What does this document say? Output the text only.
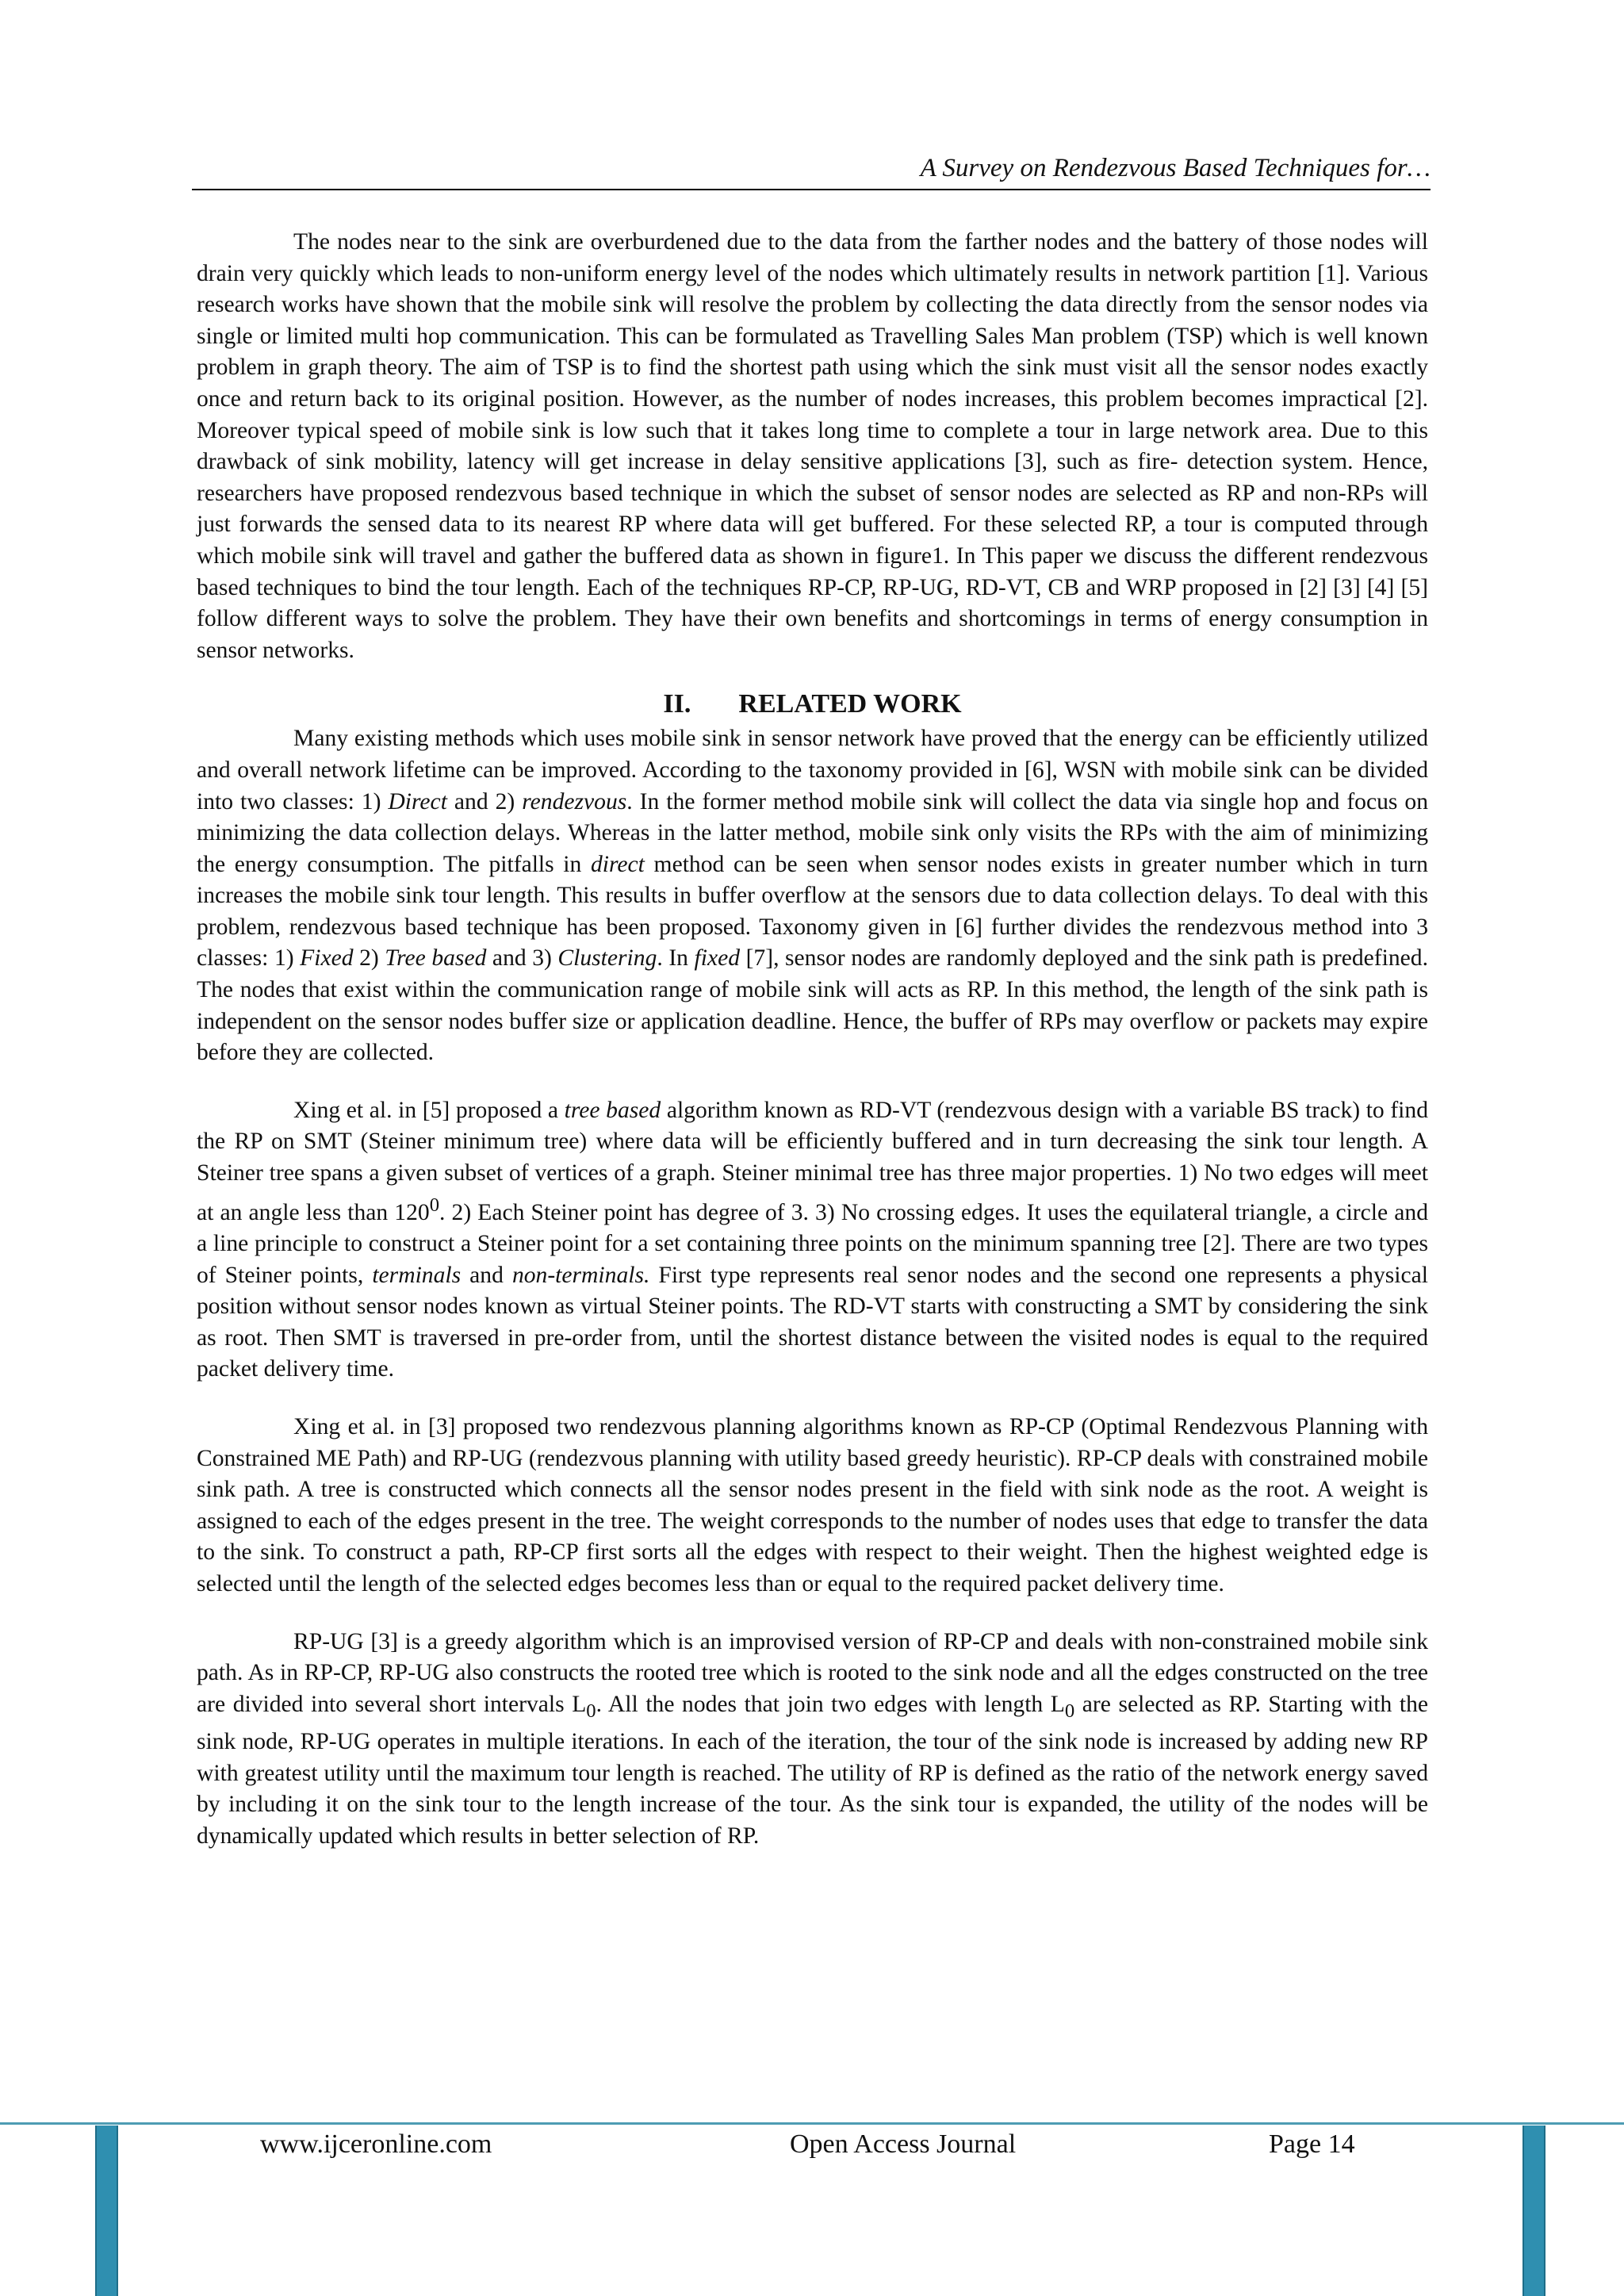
A Survey on Rendezvous Based Techniques for…

The nodes near to the sink are overburdened due to the data from the farther nodes and the battery of those nodes will drain very quickly which leads to non-uniform energy level of the nodes which ultimately results in network partition [1]. Various research works have shown that the mobile sink will resolve the problem by collecting the data directly from the sensor nodes via single or limited multi hop communication. This can be formulated as Travelling Sales Man problem (TSP) which is well known problem in graph theory. The aim of TSP is to find the shortest path using which the sink must visit all the sensor nodes exactly once and return back to its original position. However, as the number of nodes increases, this problem becomes impractical [2]. Moreover typical speed of mobile sink is low such that it takes long time to complete a tour in large network area. Due to this drawback of sink mobility, latency will get increase in delay sensitive applications [3], such as fire- detection system. Hence, researchers have proposed rendezvous based technique in which the subset of sensor nodes are selected as RP and non-RPs will just forwards the sensed data to its nearest RP where data will get buffered. For these selected RP, a tour is computed through which mobile sink will travel and gather the buffered data as shown in figure1. In This paper we discuss the different rendezvous based techniques to bind the tour length. Each of the techniques RP-CP, RP-UG, RD-VT, CB and WRP proposed in [2] [3] [4] [5] follow different ways to solve the problem. They have their own benefits and shortcomings in terms of energy consumption in sensor networks.

II. RELATED WORK

Many existing methods which uses mobile sink in sensor network have proved that the energy can be efficiently utilized and overall network lifetime can be improved. According to the taxonomy provided in [6], WSN with mobile sink can be divided into two classes: 1) Direct and 2) rendezvous. In the former method mobile sink will collect the data via single hop and focus on minimizing the data collection delays. Whereas in the latter method, mobile sink only visits the RPs with the aim of minimizing the energy consumption. The pitfalls in direct method can be seen when sensor nodes exists in greater number which in turn increases the mobile sink tour length. This results in buffer overflow at the sensors due to data collection delays. To deal with this problem, rendezvous based technique has been proposed. Taxonomy given in [6] further divides the rendezvous method into 3 classes: 1) Fixed 2) Tree based and 3) Clustering. In fixed [7], sensor nodes are randomly deployed and the sink path is predefined. The nodes that exist within the communication range of mobile sink will acts as RP. In this method, the length of the sink path is independent on the sensor nodes buffer size or application deadline. Hence, the buffer of RPs may overflow or packets may expire before they are collected.

Xing et al. in [5] proposed a tree based algorithm known as RD-VT (rendezvous design with a variable BS track) to find the RP on SMT (Steiner minimum tree) where data will be efficiently buffered and in turn decreasing the sink tour length. A Steiner tree spans a given subset of vertices of a graph. Steiner minimal tree has three major properties. 1) No two edges will meet at an angle less than $120^0$. 2) Each Steiner point has degree of 3. 3) No crossing edges. It uses the equilateral triangle, a circle and a line principle to construct a Steiner point for a set containing three points on the minimum spanning tree [2]. There are two types of Steiner points, terminals and non-terminals. First type represents real senor nodes and the second one represents a physical position without sensor nodes known as virtual Steiner points. The RD-VT starts with constructing a SMT by considering the sink as root. Then SMT is traversed in pre-order from, until the shortest distance between the visited nodes is equal to the required packet delivery time.

Xing et al. in [3] proposed two rendezvous planning algorithms known as RP-CP (Optimal Rendezvous Planning with Constrained ME Path) and RP-UG (rendezvous planning with utility based greedy heuristic). RP-CP deals with constrained mobile sink path. A tree is constructed which connects all the sensor nodes present in the field with sink node as the root. A weight is assigned to each of the edges present in the tree. The weight corresponds to the number of nodes uses that edge to transfer the data to the sink. To construct a path, RP-CP first sorts all the edges with respect to their weight. Then the highest weighted edge is selected until the length of the selected edges becomes less than or equal to the required packet delivery time.

RP-UG [3] is a greedy algorithm which is an improvised version of RP-CP and deals with non-constrained mobile sink path. As in RP-CP, RP-UG also constructs the rooted tree which is rooted to the sink node and all the edges constructed on the tree are divided into several short intervals $L_0$. All the nodes that join two edges with length $L_0$ are selected as RP. Starting with the sink node, RP-UG operates in multiple iterations. In each of the iteration, the tour of the sink node is increased by adding new RP with greatest utility until the maximum tour length is reached. The utility of RP is defined as the ratio of the network energy saved by including it on the sink tour to the length increase of the tour. As the sink tour is expanded, the utility of the nodes will be dynamically updated which results in better selection of RP.

www.ijceronline.com	Open Access Journal	Page 14
